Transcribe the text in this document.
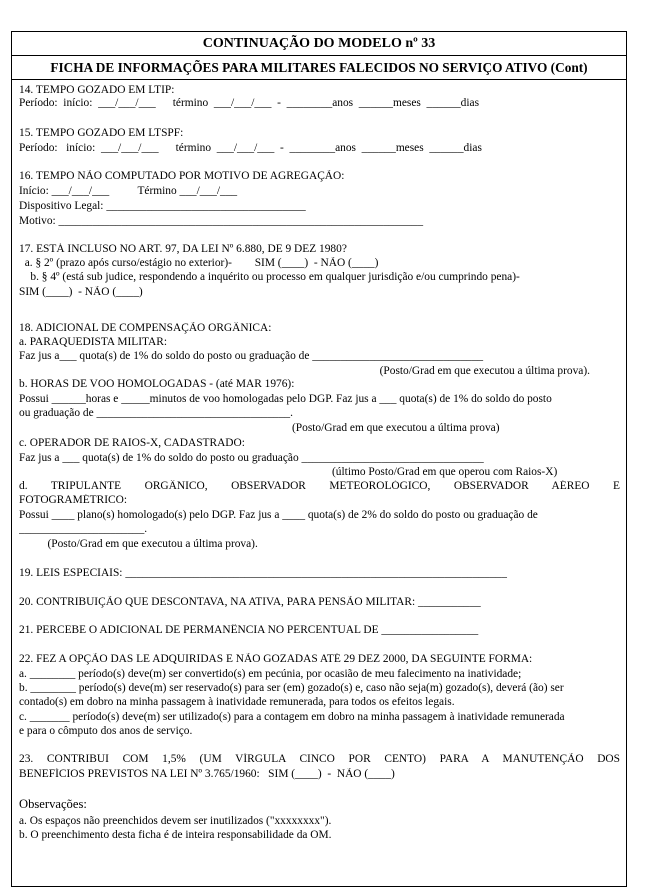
CONTINUAÇÃO DO MODELO nº 33
FICHA DE INFORMAÇÕES PARA MILITARES FALECIDOS NO SERVIÇO ATIVO (Cont)
14. TEMPO GOZADO EM LTIP:
Período:  início:  ___/___/___      término  ___/___/___  -  ________anos  ______meses  ______dias
15. TEMPO GOZADO EM LTSPF:
Período:   início:  ___/___/___      término  ___/___/___  -  ________anos  ______meses  ______dias
16. TEMPO NÃO COMPUTADO POR MOTIVO DE AGREGAÇÃO:
Início: ___/___/___          Término ___/___/___
Dispositivo Legal: ___________________________________
Motivo: ________________________________________________________________
17. ESTÁ INCLUSO NO ART. 97, DA LEI Nº 6.880, DE 9 DEZ 1980?
a. § 2º (prazo após curso/estágio no exterior)-        SIM (____)  - NÃO (____)
b. § 4º (está sub judice, respondendo a inquérito ou processo em qualquer jurisdição e/ou cumprindo pena)-
SIM (____)  - NÃO (____)
18. ADICIONAL DE COMPENSAÇÃO ORGÂNICA:
a. PARAQUEDISTA MILITAR:
Faz jus a___ quota(s) de 1% do soldo do posto ou graduação de ______________________________
(Posto/Grad em que executou a última prova).
b. HORAS DE VOO HOMOLOGADAS - (até MAR 1976):
Possui ______horas e _____minutos de voo homologadas pelo DGP. Faz jus a ___ quota(s) de 1% do soldo do posto
ou graduação de __________________________________.
(Posto/Grad em que executou a última prova)
c. OPERADOR DE RAIOS-X, CADASTRADO:
Faz jus a ___ quota(s) de 1% do soldo do posto ou graduação ________________________________
(último Posto/Grad em que operou com Raios-X)
d. TRIPULANTE ORGÂNICO, OBSERVADOR METEOROLÓGICO, OBSERVADOR AÉREO E
FOTOGRAMÉTRICO:
Possui ____ plano(s) homologado(s) pelo DGP. Faz jus a ____ quota(s) de 2% do soldo do posto ou graduação de
______________________.
(Posto/Grad em que executou a última prova).
19. LEIS ESPECIAIS: ___________________________________________________________________
20. CONTRIBUIÇÃO QUE DESCONTAVA, NA ATIVA, PARA PENSÃO MILITAR: ___________
21. PERCEBE O ADICIONAL DE PERMANÊNCIA NO PERCENTUAL DE _________________
22. FEZ A OPÇÃO DAS LE ADQUIRIDAS E NÃO GOZADAS ATÉ 29 DEZ 2000, DA SEGUINTE FORMA:
a. ________ período(s) deve(m) ser convertido(s) em pecúnia, por ocasião de meu falecimento na inatividade;
b. ________ período(s) deve(m) ser reservado(s) para ser (em) gozado(s) e, caso não seja(m) gozado(s), deverá (ão) ser
contado(s) em dobro na minha passagem à inatividade remunerada, para todos os efeitos legais.
c. _______ período(s) deve(m) ser utilizado(s) para a contagem em dobro na minha passagem à inatividade remunerada
e para o cômputo dos anos de serviço.
23. CONTRIBUI COM 1,5% (UM VÍRGULA CINCO POR CENTO) PARA A MANUTENÇÃO DOS
BENEFÍCIOS PREVISTOS NA LEI Nº 3.765/1960:   SIM (____)  -  NÃO (____)
Observações:
a. Os espaços não preenchidos devem ser inutilizados ("xxxxxxxx").
b. O preenchimento desta ficha é de inteira responsabilidade da OM.
